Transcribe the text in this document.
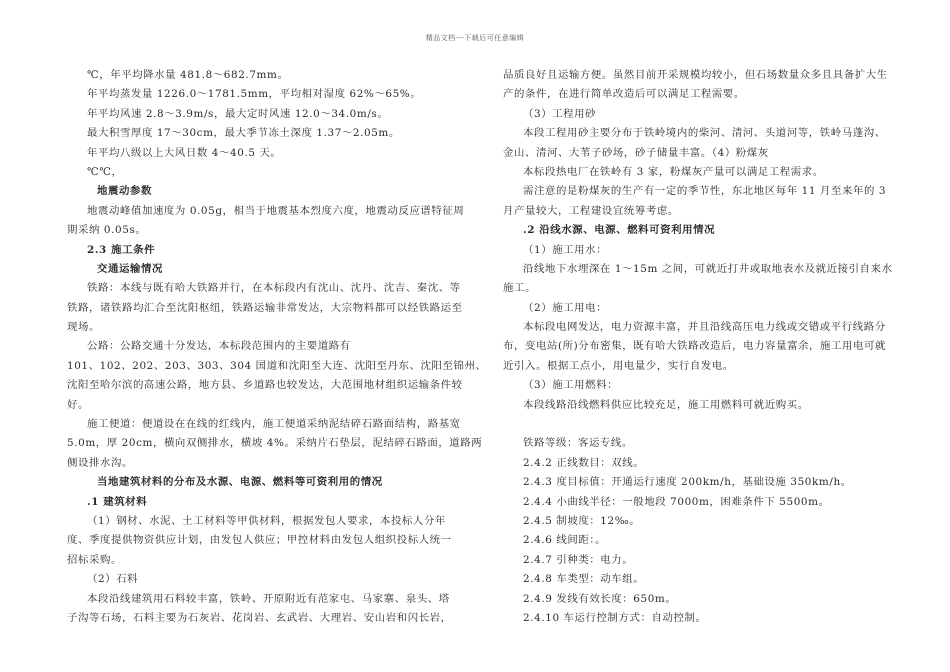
精品文档---下载后可任意编辑
℃，年平均降水量 481.8～682.7mm。
年平均蒸发量 1226.0～1781.5mm，平均相对湿度 62%～65%。
年平均风速 2.8～3.9m/s，最大定时风速 12.0～34.0m/s。
最大积雪厚度 17～30cm，最大季节冻土深度 1.37～2.05m。
年平均八级以上大风日数 4～40.5 天。
℃℃，
地震动参数
地震动峰值加速度为 0.05g，相当于地震基本烈度六度，地震动反应谱特征周
期采纳 0.05s。
2.3 施工条件
交通运输情况
铁路：本线与既有哈大铁路并行，在本标段内有沈山、沈丹、沈吉、秦沈、等
铁路，诸铁路均汇合至沈阳枢纽，铁路运输非常发达，大宗物料都可以经铁路运至
现场。
公路：公路交通十分发达，本标段范围内的主要道路有
101、102、202、203、303、304 国道和沈阳至大连、沈阳至丹东、沈阳至锦州、
沈阳至哈尔滨的高速公路，地方县、乡道路也较发达，大范围地材组织运输条件较
好。
施工便道：便道设在在线的红线内，施工便道采纳泥结碎石路面结构，路基宽
5.0m，厚 20cm，横向双侧排水，横坡 4%。采纳片石垫层，泥结碎石路面，道路两
侧设排水沟。
当地建筑材料的分布及水源、电源、燃料等可资利用的情况
.1 建筑材料
（1）钢材、水泥、土工材料等甲供材料，根据发包人要求，本投标人分年
度、季度提供物资供应计划，由发包人供应；甲控材料由发包人组织投标人统一
招标采购。
（2）石料
本段沿线建筑用石料较丰富，铁岭、开原附近有范家屯、马家寨、泉头、塔
子沟等石场，石料主要为石灰岩、花岗岩、玄武岩、大理岩、安山岩和闪长岩，
品质良好且运输方便。虽然目前开采规模均较小，但石场数量众多且具备扩大生
产的条件，在进行简单改造后可以满足工程需要。
（3）工程用砂
本段工程用砂主要分布于铁岭境内的柴河、清河、头道河等，铁岭马蓬沟、
金山、清河、大苇子砂场，砂子储量丰富。（4）粉煤灰
本标段热电厂在铁岭有 3 家，粉煤灰产量可以满足工程需求。
需注意的是粉煤灰的生产有一定的季节性，东北地区每年 11 月至来年的 3
月产量较大，工程建设宜统筹考虑。
.2 沿线水源、电源、燃料可资利用情况
（1）施工用水：
沿线地下水埋深在 1～15m 之间，可就近打井或取地表水及就近接引自来水
施工。
（2）施工用电：
本标段电网发达，电力资源丰富，并且沿线高压电力线或交错或平行线路分
布，变电站(所)分布密集，既有哈大铁路改造后，电力容量富余，施工用电可就
近引入。根据工点小，用电量少，实行自发电。
（3）施工用燃料：
本段线路沿线燃料供应比较充足，施工用燃料可就近购买。
铁路等级：客运专线。
2.4.2 正线数目：双线。
2.4.3 度目标值：开通运行速度 200km/h，基础设施 350km/h。
2.4.4 小曲线半径：一般地段 7000m，困难条件下 5500m。
2.4.5 制坡度：12‰。
2.4.6 线间距：。
2.4.7 引种类：电力。
2.4.8 车类型：动车组。
2.4.9 发线有效长度：650m。
2.4.10 车运行控制方式：自动控制。
